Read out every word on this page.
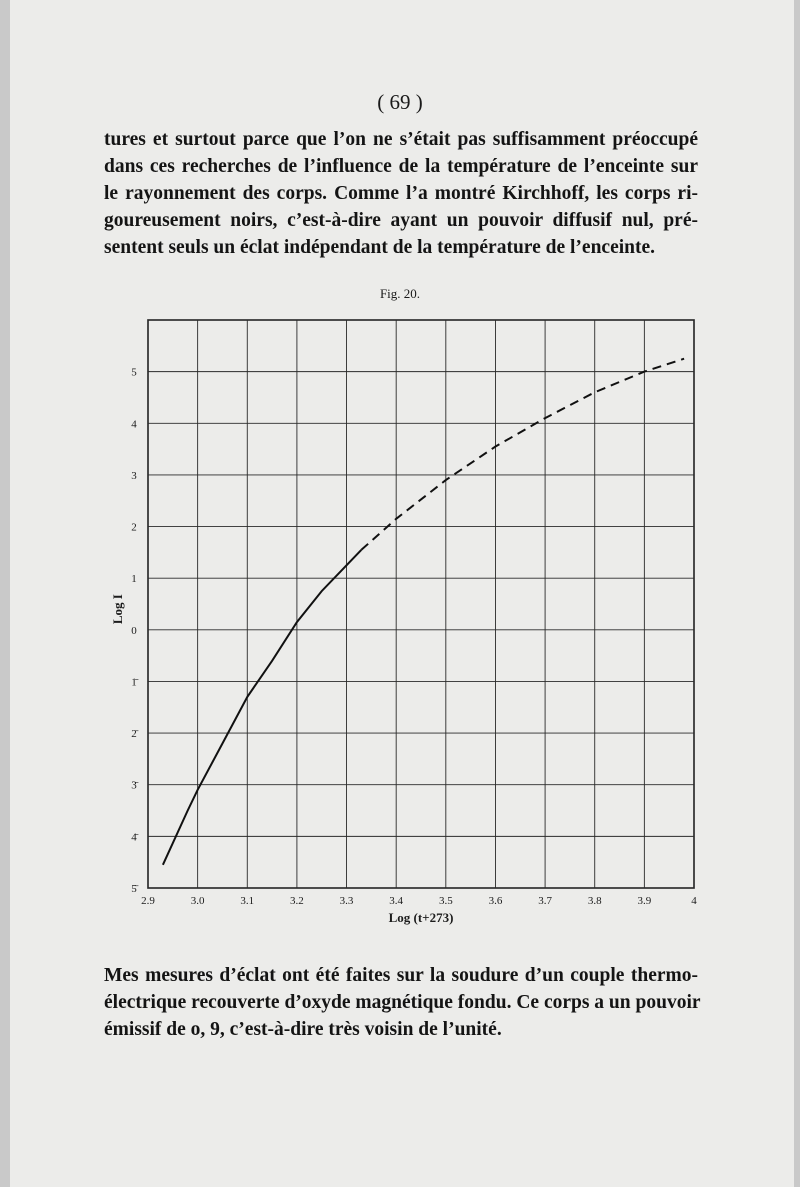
( 69 )
tures et surtout parce que l’on ne s’était pas suffisamment préoccupé
dans ces recherches de l’influence de la température de l’enceinte sur
le rayonnement des corps. Comme l’a montré Kirchhoff, les corps ri-
goureusement noirs, c’est-à-dire ayant un pouvoir diffusif nul, pré-
sentent seuls un éclat indépendant de la température de l’enceinte.
Fig. 20.
2.9	3.0	3.1	3.2	3.3	3.4	3.5	3.6	3.7	3.8	3.9	4
5
4
3
2
1
0
1̄
2̄
3̄
4̄
5̄
Log (t+273)
Log I
Mes mesures d’éclat ont été faites sur la soudure d’un couple thermo-
électrique recouverte d’oxyde magnétique fondu. Ce corps a un pouvoir
émissif de o, 9, c’est-à-dire très voisin de l’unité.
